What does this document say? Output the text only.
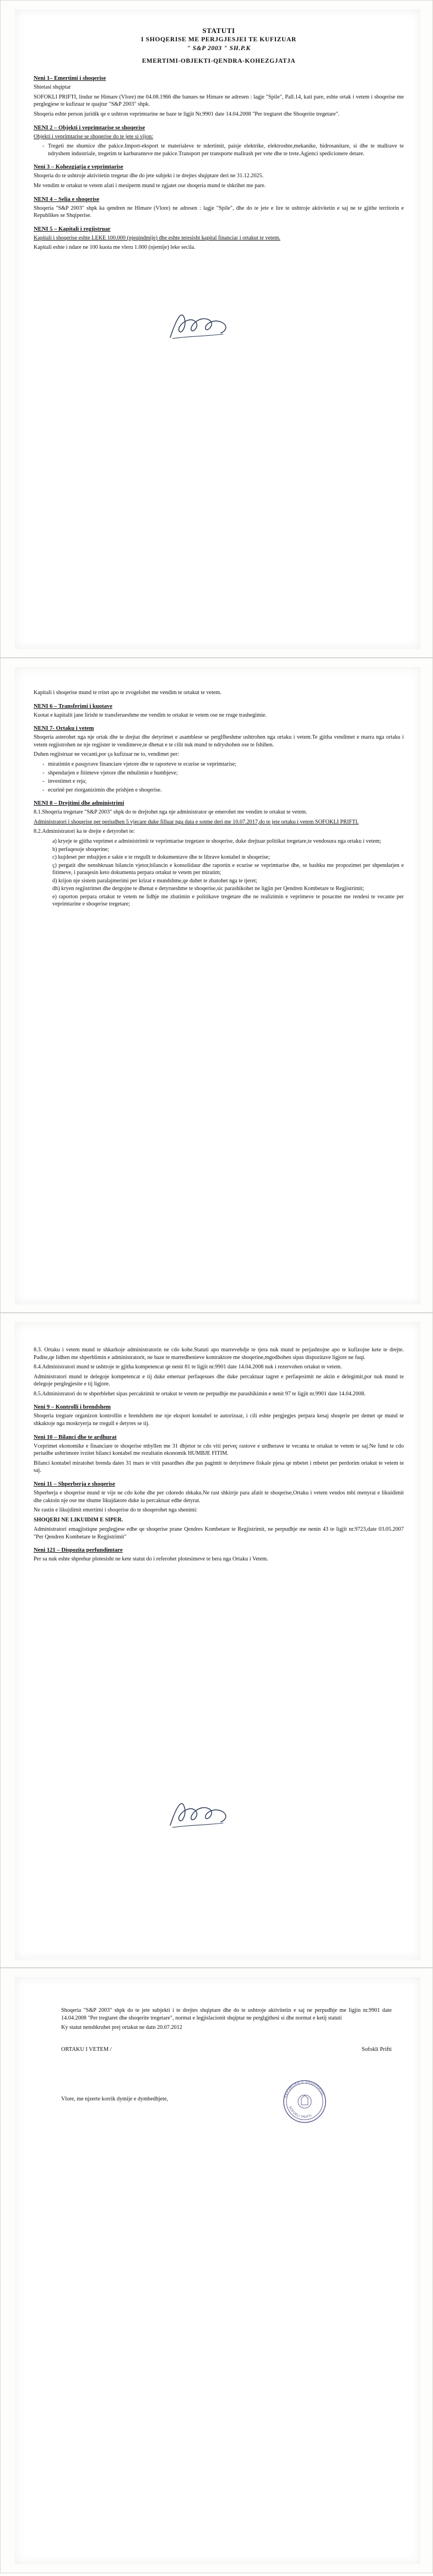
STATUTI
I SHOQERISE ME PERJGJESJEI TE KUFIZUAR
" S&P 2003 " SH.P.K
EMERTIMI-OBJEKTI-QENDRA-KOHEZGJATJA
Neni 1– Emertimi i shoqerise

Shtetasi shqiptar

SOFOKLI PRIFTI, lindur ne Himare (Vlore) me 04.08.1966 dhe banues ne Himare ne adresen : lagje "Spile", Pall.14, kati pare, eshte ortak i vetem i shoqerise me perglegjese te kufizuar te quajtur "S&P 2003" shpk.

Shoqeria eshte person juridik qe e ushtron veprimtarine ne baze te ligjit Nr.9901 date 14.04.2008 "Per tregtaret dhe Shoqerite tregetare".

NENI 2 – Objekti i veprimtarise se shoqerise

Objekti i veprimtarise se shoqerise do te jete si vijon:

- Tregeti me shumice dhe pakice.Import-eksport te materialeve te ndertimit, paisje elektrike, elektroshte,mekanike, hidrosanitare, si dhe te mallrave te ndryshem industriale, tregetim te karburanteve me pakice.Transport per transporte mallrash per vete dhe te trete.Agjenci spedicionere detare.
Neni 3 – Kohezgjatja e veprimtarise

Shoqeria do te ushtroje aktivitetin tregetar dhe do jete subjekt i te drejtes shqiptare deri ne 31.12.2025.

Me vendim te ortakut te vetem afati i mesiperm mund te zgjatet ose shoqeria mund te shkrihet me pare.

NENI 4 – Selia e shoqerise

Shoqeria "S&P 2003" shpk ka qendren ne Himare (Vlore) ne adresen : lagje "Spile", dhe do te jete e lire te ushtroje aktivitetin e saj ne te gjithe territorin e Republikes se Shqiperise.

NENI 5 – Kapitali i regjistruar

Kapitali i shoqerise eshte LEKE 100.000 (njeqindmije) dhe eshte teresisht kapital financiar i ortakut te vetem.

Kapitali eshte i ndare ne 100 kuota me vleru 1.000 (njemije) leke secila.

Kapitali i shoqerise mund te rritet apo te zvogelohet me vendim te ortakut te vetem.

NENI 6 – Transferimi i kuotave

Kuotat e kapitalit jane lirisht te transferueshme me vendim te ortakut te vetem ose ne rruge trashegimie.

NENI 7- Ortaku i vetem

Shoqeria asterohet nga nje ortak dhe te drejtat dhe detyrimet e asamblese se perglfheshme ushtrohen nga ortaku i vetem.Te gjitha vendimet e marra nga ortaku i vetem regjistrohen ne nje regjister te vendimeve,te dhenat e te cilit nuk mund te ndryshohen ose te fshihen.

Duhen regjistruar ne vecanti,por ça kufizuar ne to, vendimet per:

- miratimin e pasqyrave financiare vjetore dhe te raporteve te ecurise se veprimtarise;
- shpendarjen e fitimeve vjetore dhe mbulimin e humbjeve;
- investimet e reja;
- ecurinë per riorganizimin dhe prishjen e shoqerise.
NENI 8 – Drejtimi dhe administrimi

8.1.Shoqeria tregetare "S&P 2003" shpk do te drejtohet nga nje administrator qe emerohet me vendim te ortakut te vetem.

Administratori i shoqerise per periudhen 5 vjecare duke filluar nga data e sotme deri me 10.07.2017,do te jete ortaku i vetem SOFOKLI PRIFTI.

8.2.Administratori ka te drejte e detyrohet te:

a) kryeje te gjitha veprimet e administrimit te veprimtarise tregetare te shoqerise, duke drejtuar politikat tregetare,te vendosura nga ortaku i vetem;
b) perfaqesoje shoqerine;
c) kujdeset per mbajtjen e sakte e te rregullt te dokumentave dhe te librave kontabel te shoqerise;
ç) pergatit dhe nenshkruan bilancin vjetor,bilancin e konsolidaur dhe raportin e ecurise se veprimtarise dhe, se bashku me propozimet per shpendarjen e fitimeve, i paraqesin keto dokumenta perpara ortakut te vetem per miratim;
d) krijon nje sistem paralajmerimi per krizat e mundshme,qe duhet te zbatohet nga te tjeret;
dh) kryen regjistrimet dhe dergojne te dhenat e detyrueshme te shoqerise,sic parashikohet ne ligjin per Qendren Kombetare te Regjistrimit;
e) raporton perpara ortakut te vetem ne lidhje me zbatimin e politikave tregetare dhe ne realizimin e veprimeve te posacme me rendesi te vecante per veprimtarine e shoqerise tregetare;

8.3. Ortaku i vetem mund te shkarkoje administratorin ne cdo kohe.Statuti apo marrevehdje te tjera nuk mund te perjashtojne apo te kufizojne kete te drejte. Padite,qe lidhen me shperblimin e administratorit, ne baze te marredhenieve kontraktore me shoqerine,mgodhohen sipas dispozitave ligjore ne fuqi.

8.4.Administratori mund te ushtroje te gjitha kompetencat qe nenit 81 te ligjit nr.9901 date 14.04.2008 nuk i rezervohen ortakut te vetem.

Administratori mund te delegoje kompetencat e tij duke emeruar perfaqesues dhe duke percaktuar tagret e perfaqesimit ne aktin e delegimit,por nuk mund te delegoje perglegjesite e tij ligjore.

8.5.Administratori do te shperblehet sipas percaktimit te ortakut te vetem ne perpudhje me parashikimin e nenit 97 te ligjit nr.9901 date 14.04.2008.

Neni 9 – Kontrolli i brendshem

Shoqeria tregtare organizon kontrollin e brendshem me nje eksport kontabel te autorizuar, i cili eshte pergjegjes perpara kesaj shoqerie per demet qe mund te shkaktoje nga moskryerja ne rregull e detyres se tij.

Neni 10 – Bilanci dhe te ardhurat

Vceprimet ekonomike e financiare te shoqerise mbyllen me 31 dhjetor te cdo viti perveç rastove e urdherave te vecanta te ortakut te vetem te saj.Ne fund te cdo periudhe ushtrimore ivzitet bilanci kontabel me rezultatin ekonomik HUMBJE FITIM.

Bilanci kontabel miratohet brenda dates 31 mars te vitit pasardhes dhe pas pagimit te detyrimeve fiskale pjesa qe mbetet i mbetet per perdorim ortakut te vetem te saj.

Neni 11 – Shperberja e shoqerise

Shperberja e shoqerise mund te vije ne cdo kohe dhe per cdoredo shkaku.Ne rast shkirrje para afatit te shoqerise,Ortaku i vetem vendos mbi menyrat e likuidimit dhe caktoin nje ose me shume likujdatore duke iu percaktuar edhe detyrat.

Ne rastin e likujdimit emertimi i shoqerise do te shoqerohet nga shenimi:

SHOQERI NE LIKUIDIM E SIPER.

Administratori emagjistiqne perglegjese edhe qe shoqerise prane Qendres Kombetare te Regjistrimit, ne perpudhje me nenin 43 te ligjit nr.9723,date 03.05.2007 "Per Qendren Kombetare te Regjistrimit"

Neni 121 – Dispozita perfundimtare

Per sa nuk eshte shprehur plotesisht ne kete statut do i referohet plotesimeve te bera nga Ortaku i Vetem.

Shoqeria "S&P 2003" shpk do te jete subjekti i te drejtes shqiptare dhe do te ushtroje aktivitetin e saj ne perpudhje me ligjin nr.9901 date 14.04.2008 "Per tregtaret dhe shoqerite tregetare", normat e legjislacionit shqiptar ne perglgjthesi si dhe normat e ketij statuti

Ky statut nenshkruhet prej ortakut ne datn 20.07.2012

ORTAKU I VETEM /	Sofokli Prifti

Vlore, me njzerte korrik dymije e dymbedhjete,	REPUBLIKA E SHQIPERISE
SOFOKLI PRIFTI
